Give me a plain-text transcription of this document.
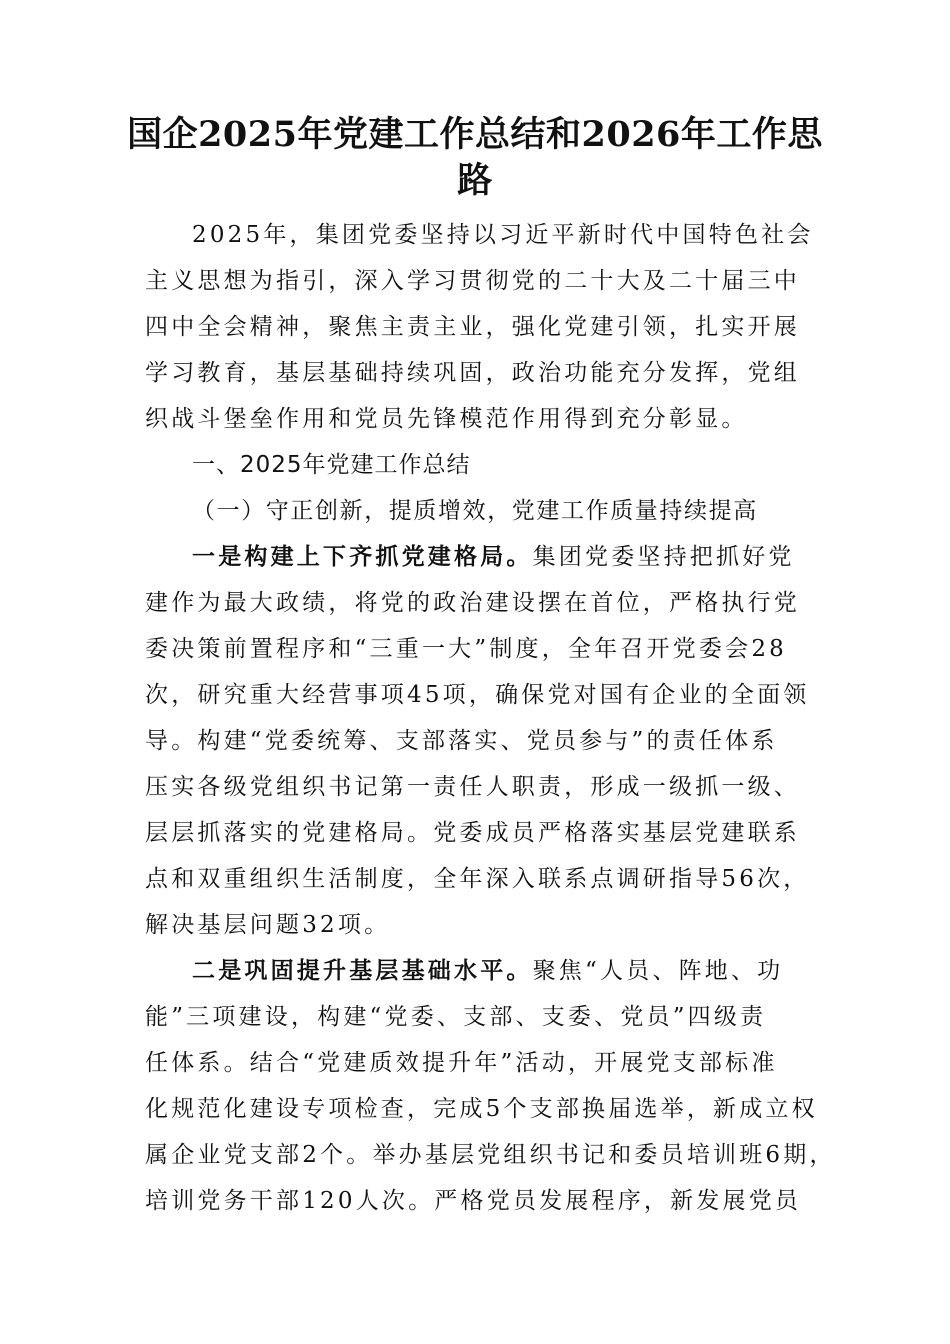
国企2025年党建工作总结和2026年工作思
路
2025年，集团党委坚持以习近平新时代中国特色社会
主义思想为指引，深入学习贯彻党的二十大及二十届三中
四中全会精神，聚焦主责主业，强化党建引领，扎实开展
学习教育，基层基础持续巩固，政治功能充分发挥，党组
织战斗堡垒作用和党员先锋模范作用得到充分彰显。
一、2025年党建工作总结
（一）守正创新，提质增效，党建工作质量持续提高
一是构建上下齐抓党建格局。集团党委坚持把抓好党
建作为最大政绩，将党的政治建设摆在首位，严格执行党
委决策前置程序和“三重一大”制度，全年召开党委会28
次，研究重大经营事项45项，确保党对国有企业的全面领
导。构建“党委统筹、支部落实、党员参与”的责任体系
压实各级党组织书记第一责任人职责，形成一级抓一级、
层层抓落实的党建格局。党委成员严格落实基层党建联系
点和双重组织生活制度，全年深入联系点调研指导56次，
解决基层问题32项。
二是巩固提升基层基础水平。聚焦“人员、阵地、功
能”三项建设，构建“党委、支部、支委、党员”四级责
任体系。结合“党建质效提升年”活动，开展党支部标准
化规范化建设专项检查，完成5个支部换届选举，新成立权
属企业党支部2个。举办基层党组织书记和委员培训班6期，
培训党务干部120人次。严格党员发展程序，新发展党员
